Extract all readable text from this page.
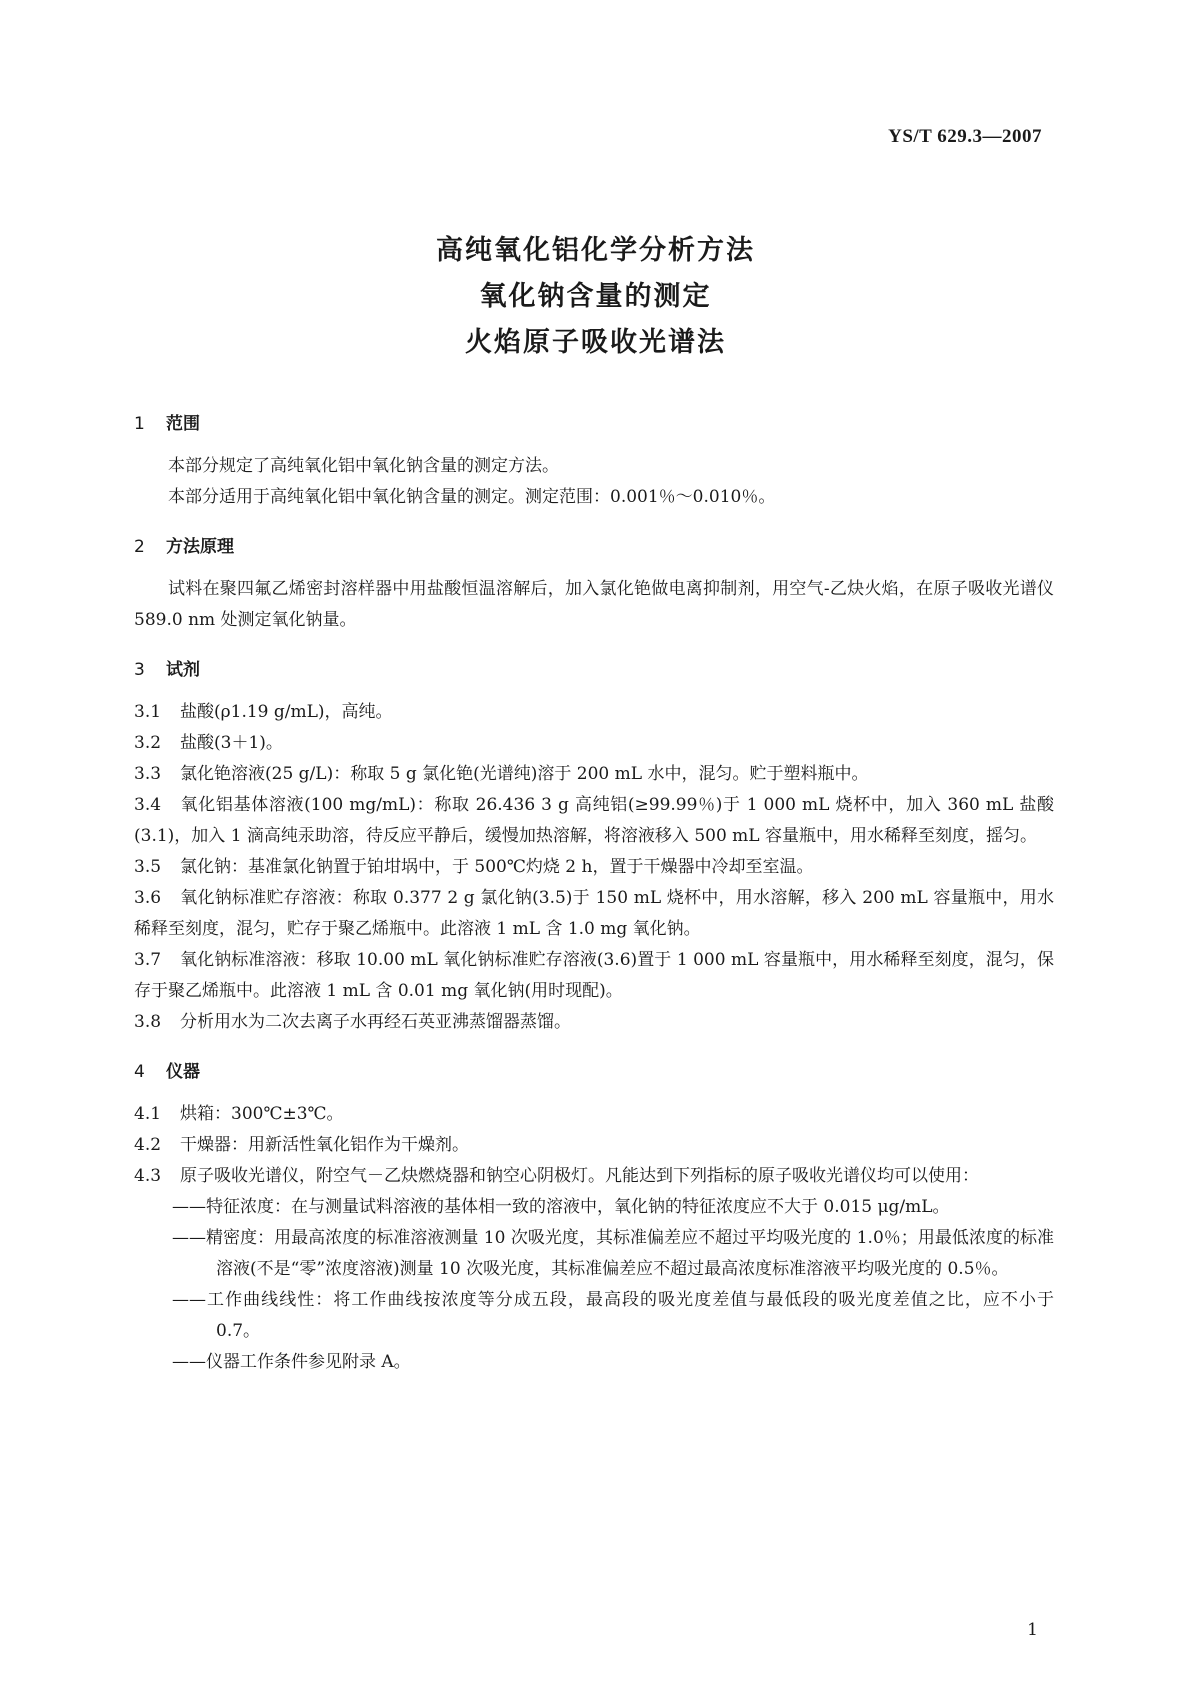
YS/T 629.3—2007
高纯氧化铝化学分析方法
氧化钠含量的测定
火焰原子吸收光谱法
1 范围
本部分规定了高纯氧化铝中氧化钠含量的测定方法。
本部分适用于高纯氧化铝中氧化钠含量的测定。测定范围：0.001％～0.010％。
2 方法原理
试料在聚四氟乙烯密封溶样器中用盐酸恒温溶解后，加入氯化铯做电离抑制剂，用空气-乙炔火焰，在原子吸收光谱仪 589.0 nm 处测定氧化钠量。
3 试剂
3.1 盐酸(ρ1.19 g/mL)，高纯。
3.2 盐酸(3＋1)。
3.3 氯化铯溶液(25 g/L)：称取 5 g 氯化铯(光谱纯)溶于 200 mL 水中，混匀。贮于塑料瓶中。
3.4 氧化铝基体溶液(100 mg/mL)：称取 26.436 3 g 高纯铝(≥99.99％)于 1 000 mL 烧杯中，加入 360 mL 盐酸(3.1)，加入 1 滴高纯汞助溶，待反应平静后，缓慢加热溶解，将溶液移入 500 mL 容量瓶中，用水稀释至刻度，摇匀。
3.5 氯化钠：基准氯化钠置于铂坩埚中，于 500℃灼烧 2 h，置于干燥器中冷却至室温。
3.6 氧化钠标准贮存溶液：称取 0.377 2 g 氯化钠(3.5)于 150 mL 烧杯中，用水溶解，移入 200 mL 容量瓶中，用水稀释至刻度，混匀，贮存于聚乙烯瓶中。此溶液 1 mL 含 1.0 mg 氧化钠。
3.7 氧化钠标准溶液：移取 10.00 mL 氧化钠标准贮存溶液(3.6)置于 1 000 mL 容量瓶中，用水稀释至刻度，混匀，保存于聚乙烯瓶中。此溶液 1 mL 含 0.01 mg 氧化钠(用时现配)。
3.8 分析用水为二次去离子水再经石英亚沸蒸馏器蒸馏。
4 仪器
4.1 烘箱：300℃±3℃。
4.2 干燥器：用新活性氧化铝作为干燥剂。
4.3 原子吸收光谱仪，附空气－乙炔燃烧器和钠空心阴极灯。凡能达到下列指标的原子吸收光谱仪均可以使用：
——特征浓度：在与测量试料溶液的基体相一致的溶液中，氧化钠的特征浓度应不大于 0.015 μg/mL。
——精密度：用最高浓度的标准溶液测量 10 次吸光度，其标准偏差应不超过平均吸光度的 1.0％；用最低浓度的标准溶液(不是“零”浓度溶液)测量 10 次吸光度，其标准偏差应不超过最高浓度标准溶液平均吸光度的 0.5％。
——工作曲线线性：将工作曲线按浓度等分成五段，最高段的吸光度差值与最低段的吸光度差值之比，应不小于 0.7。
——仪器工作条件参见附录 A。
1
